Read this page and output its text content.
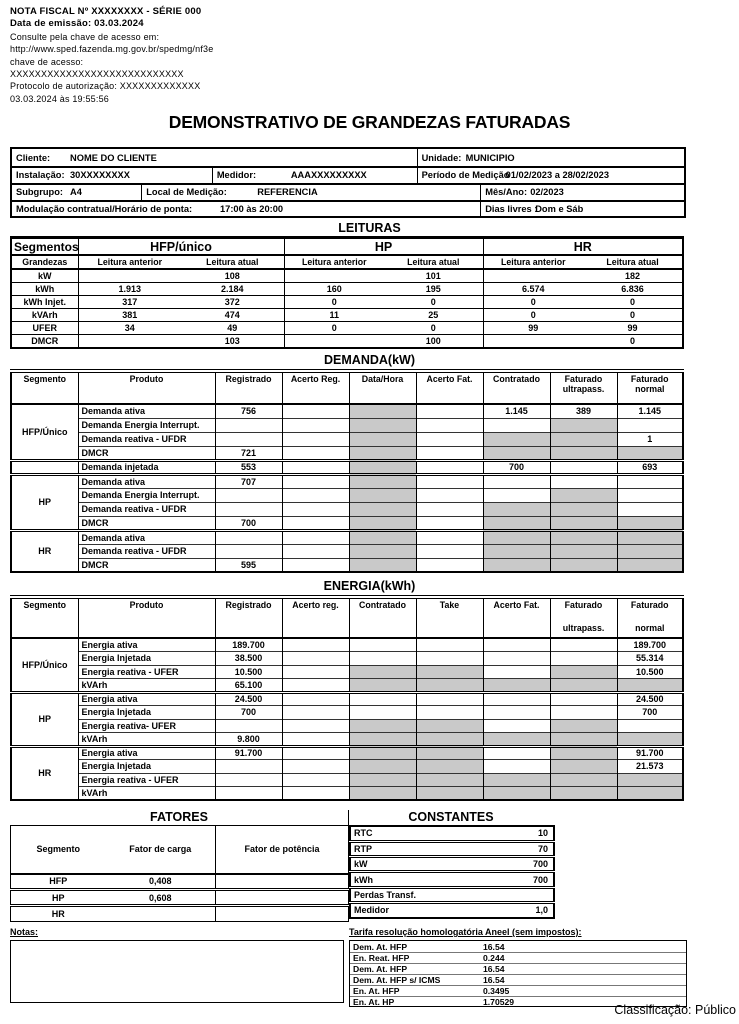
NOTA FISCAL Nº XXXXXXXX - SÉRIE 000
Data de emissão: 03.03.2024
Consulte pela chave de acesso em:
http://www.sped.fazenda.mg.gov.br/spedmg/nf3e
chave de acesso:
XXXXXXXXXXXXXXXXXXXXXXXXXXXX
Protocolo de autorização: XXXXXXXXXXXXX
03.03.2024 às 19:55:56
DEMONSTRATIVO DE GRANDEZAS FATURADAS
Cliente:	NOME DO CLIENTE	Unidade: MUNICIPIO
Instalação: 30XXXXXXXX	Medidor:	AAAXXXXXXXXX	Período de Medição
01/02/2023 a 28/02/2023
Subgrupo: A4	Local de Medição:	REFERENCIA	Mês/Ano: 02/2023
Modulação contratual/Horário de ponta:	17:00 às 20:00	Dias livres :
Dom e Sáb
LEITURAS
Segmentos	HFP/único		HP		HR	
Grandezas	Leitura anterior	Leitura atual	Leitura anterior	Leitura atual	Leitura anterior	Leitura atual
kW		108		101		182
kWh	1.913	2.184	160	195	6.574	6.836
kWh Injet.	317	372	0	0	0	0
kVArh	381	474	11	25	0	0
UFER	34	49	0	0	99	99
DMCR		103		100		0
DEMANDA(kW)
Segmento	Produto	Registrado	Acerto Reg.	Data/Hora	Acerto Fat.	Contratado	Faturado
ultrapass.

Faturado
normal

HFP/Único	Demanda ativa	756				1.145	389	1.145
	Demanda Energia Interrupt.							
	Demanda reativa - UFDR							1
	DMCR	721						
	Demanda injetada	553				700		693
HP	Demanda ativa	707						
	Demanda Energia Interrupt.							
	Demanda reativa - UFDR							
	DMCR	700						
HR	Demanda ativa							
	Demanda reativa - UFDR							
	DMCR	595						
ENERGIA(kWh)
Segmento	Produto	Registrado	Acerto reg.	Contratado	Take	Acerto Fat.	Faturado
ultrapass.

Faturado
normal

HFP/Único	Energia ativa	189.700						189.700
	Energia Injetada	38.500						55.314
	Energia reativa - UFER	10.500						10.500
	kVArh	65.100						
HP	Energia ativa	24.500						24.500
	Energia Injetada	700						700
	Energia reativa- UFER							
	kVArh	9.800						
HR	Energia ativa	91.700						91.700
	Energia Injetada							21.573
	Energia reativa - UFER							
	kVArh							
FATORES
Segmento	Fator de carga	Fator de potência
HFP	0,408	
HP	0,608	
HR		
CONSTANTES
RTC	10
RTP	70
kW	700
kWh	700
Perdas Transf.	
Medidor	1,0
Notas:	Tarifa resolução homologatória Aneel (sem impostos):
Dem. At. HFP	16.54
En. Reat. HFP	0.244
Dem. At. HFP	16.54
Dem. At. HFP s/ ICMS	16.54
En. At. HFP	0.3495
En. At. HP	1.70529
Classificação: Público
